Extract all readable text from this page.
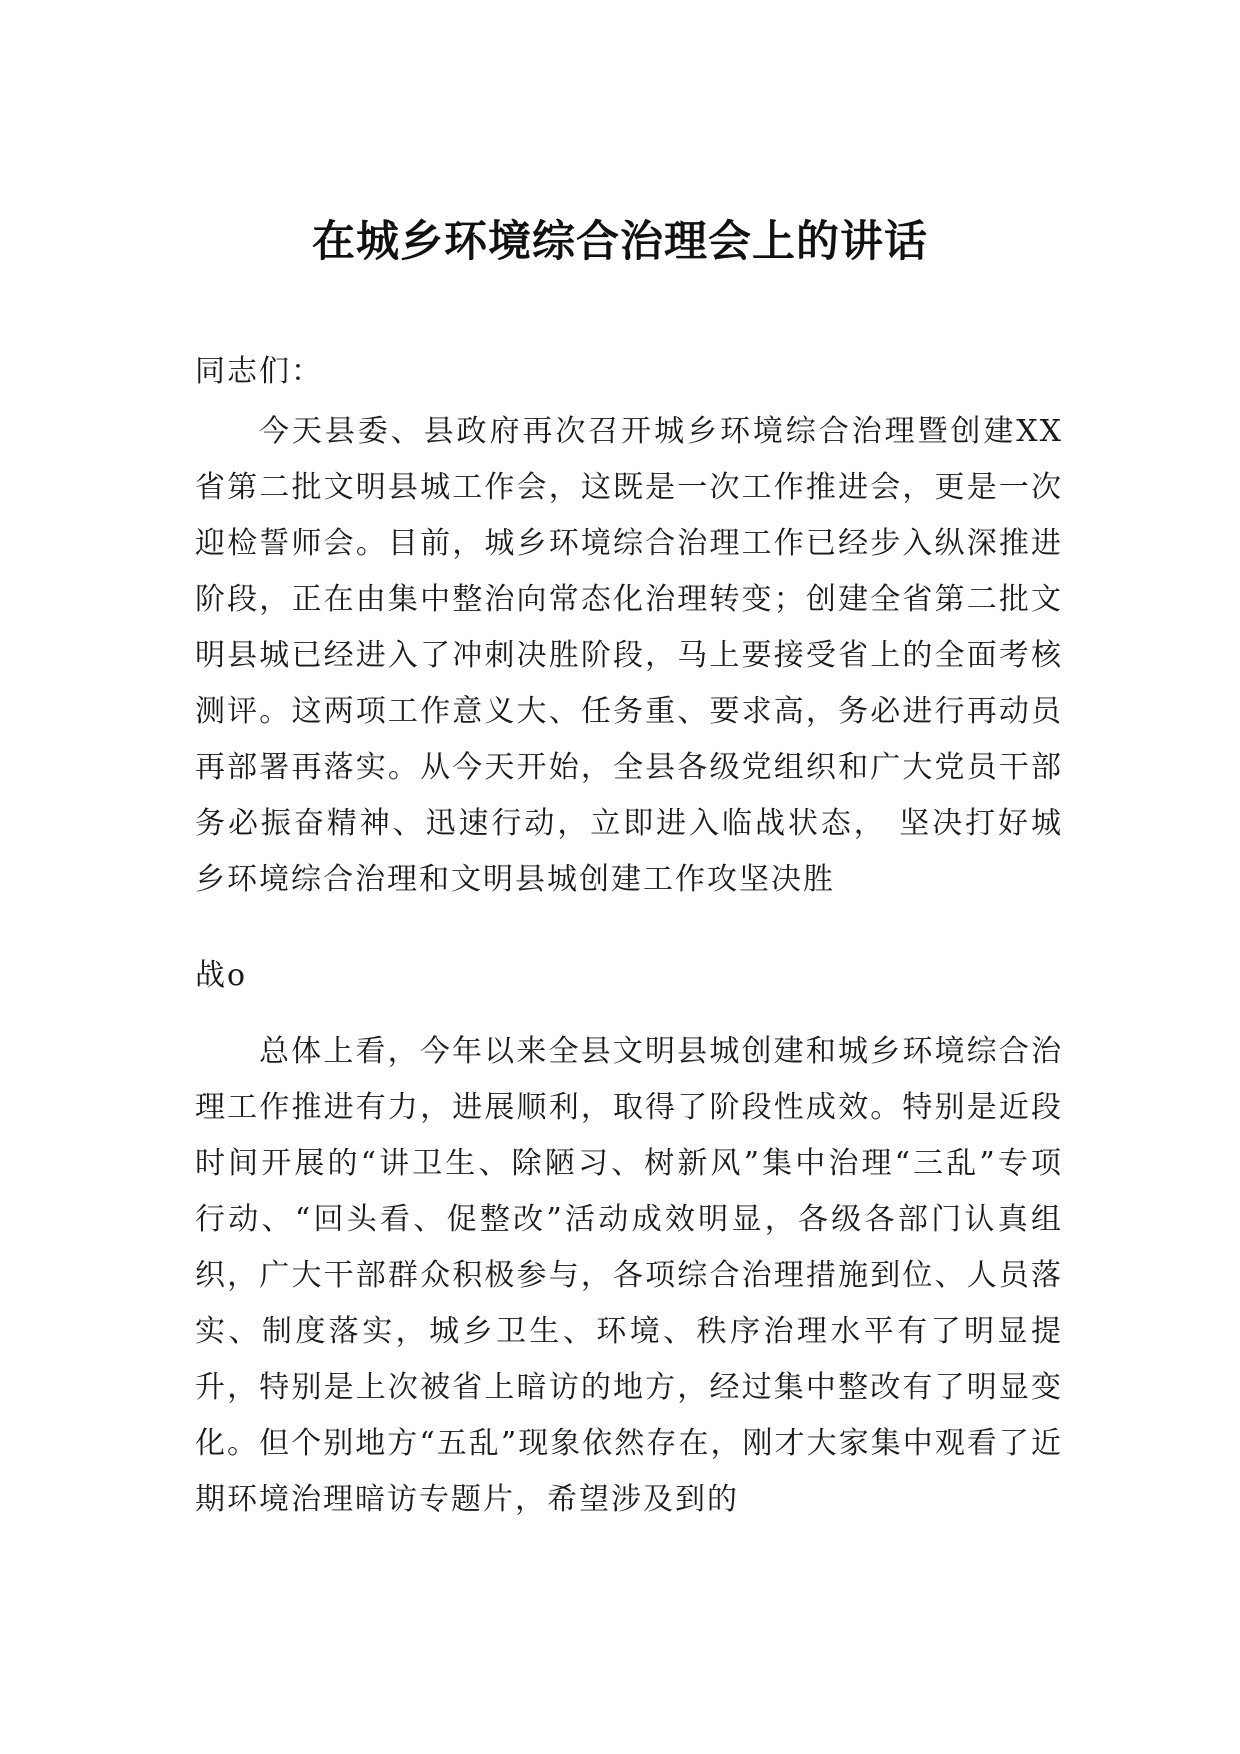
在城乡环境综合治理会上的讲话

同志们：

今天县委、县政府再次召开城乡环境综合治理暨创建XX省第二批文明县城工作会，这既是一次工作推进会，更是一次迎检誓师会。目前，城乡环境综合治理工作已经步入纵深推进阶段，正在由集中整治向常态化治理转变；创建全省第二批文明县城已经进入了冲刺决胜阶段，马上要接受省上的全面考核测评。这两项工作意义大、任务重、要求高，务必进行再动员再部署再落实。从今天开始，全县各级党组织和广大党员干部务必振奋精神、迅速行动，立即进入临战状态， 坚决打好城乡环境综合治理和文明县城创建工作攻坚决胜

战o

总体上看，今年以来全县文明县城创建和城乡环境综合治理工作推进有力，进展顺利，取得了阶段性成效。特别是近段时间开展的“讲卫生、除陋习、树新风”集中治理“三乱”专项行动、“回头看、促整改”活动成效明显，各级各部门认真组织，广大干部群众积极参与，各项综合治理措施到位、人员落实、制度落实，城乡卫生、环境、秩序治理水平有了明显提升，特别是上次被省上暗访的地方，经过集中整改有了明显变化。但个别地方“五乱”现象依然存在，刚才大家集中观看了近期环境治理暗访专题片，希望涉及到的
